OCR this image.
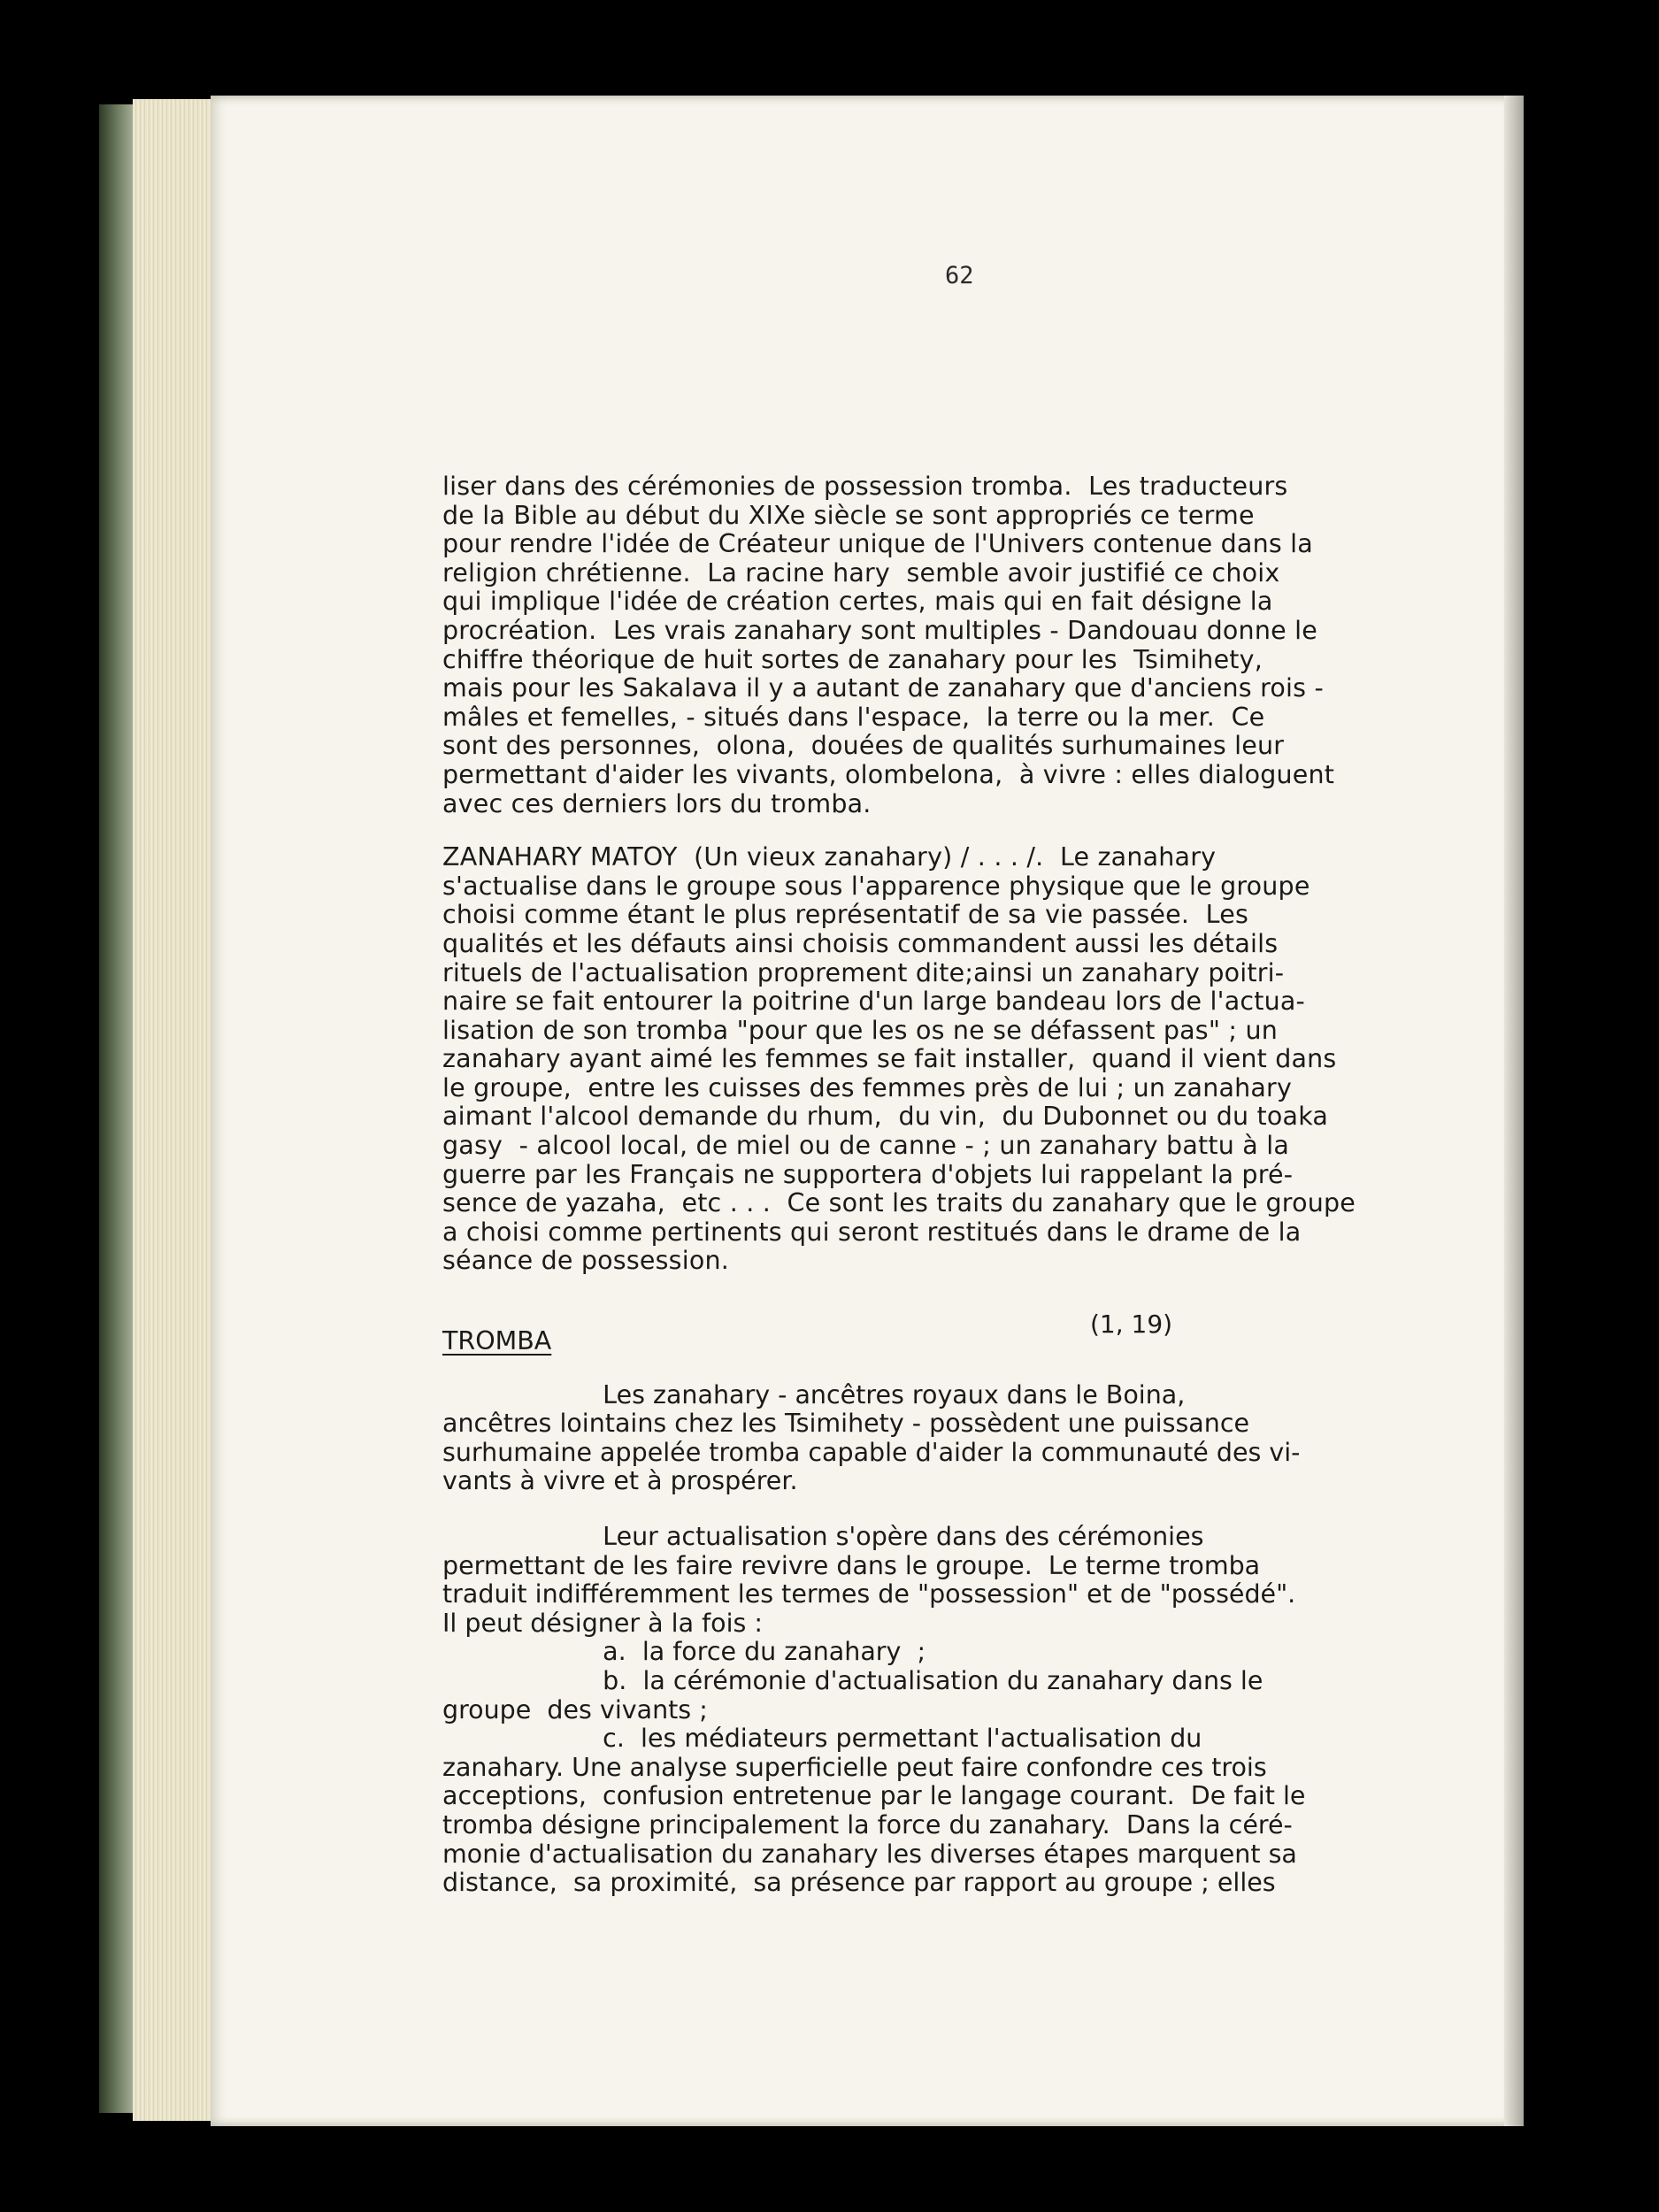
62
liser dans des cérémonies de possession tromba.  Les traducteurs
de la Bible au début du XIXe siècle se sont appropriés ce terme
pour rendre l'idée de Créateur unique de l'Univers contenue dans la
religion chrétienne.  La racine hary  semble avoir justifié ce choix
qui implique l'idée de création certes, mais qui en fait désigne la
procréation.  Les vrais zanahary sont multiples - Dandouau donne le
chiffre théorique de huit sortes de zanahary pour les  Tsimihety,
mais pour les Sakalava il y a autant de zanahary que d'anciens rois -
mâles et femelles, - situés dans l'espace,  la terre ou la mer.  Ce
sont des personnes,  olona,  douées de qualités surhumaines leur
permettant d'aider les vivants, olombelona,  à vivre : elles dialoguent
avec ces derniers lors du tromba.
ZANAHARY MATOY  (Un vieux zanahary) / . . . /.  Le zanahary
s'actualise dans le groupe sous l'apparence physique que le groupe
choisi comme étant le plus représentatif de sa vie passée.  Les
qualités et les défauts ainsi choisis commandent aussi les détails
rituels de l'actualisation proprement dite;ainsi un zanahary poitri-
naire se fait entourer la poitrine d'un large bandeau lors de l'actua-
lisation de son tromba "pour que les os ne se défassent pas" ; un
zanahary ayant aimé les femmes se fait installer,  quand il vient dans
le groupe,  entre les cuisses des femmes près de lui ; un zanahary
aimant l'alcool demande du rhum,  du vin,  du Dubonnet ou du toaka
gasy  - alcool local, de miel ou de canne - ; un zanahary battu à la
guerre par les Français ne supportera d'objets lui rappelant la pré-
sence de yazaha,  etc . . .  Ce sont les traits du zanahary que le groupe
a choisi comme pertinents qui seront restitués dans le drame de la
séance de possession.
(1, 19)
TROMBA
Les zanahary - ancêtres royaux dans le Boina,
ancêtres lointains chez les Tsimihety - possèdent une puissance
surhumaine appelée tromba capable d'aider la communauté des vi-
vants à vivre et à prospérer.
Leur actualisation s'opère dans des cérémonies
permettant de les faire revivre dans le groupe.  Le terme tromba
traduit indifféremment les termes de "possession" et de "possédé".
Il peut désigner à la fois :
a.  la force du zanahary  ;
b.  la cérémonie d'actualisation du zanahary dans le
groupe  des vivants ;
c.  les médiateurs permettant l'actualisation du
zanahary. Une analyse superficielle peut faire confondre ces trois
acceptions,  confusion entretenue par le langage courant.  De fait le
tromba désigne principalement la force du zanahary.  Dans la céré-
monie d'actualisation du zanahary les diverses étapes marquent sa
distance,  sa proximité,  sa présence par rapport au groupe ; elles
